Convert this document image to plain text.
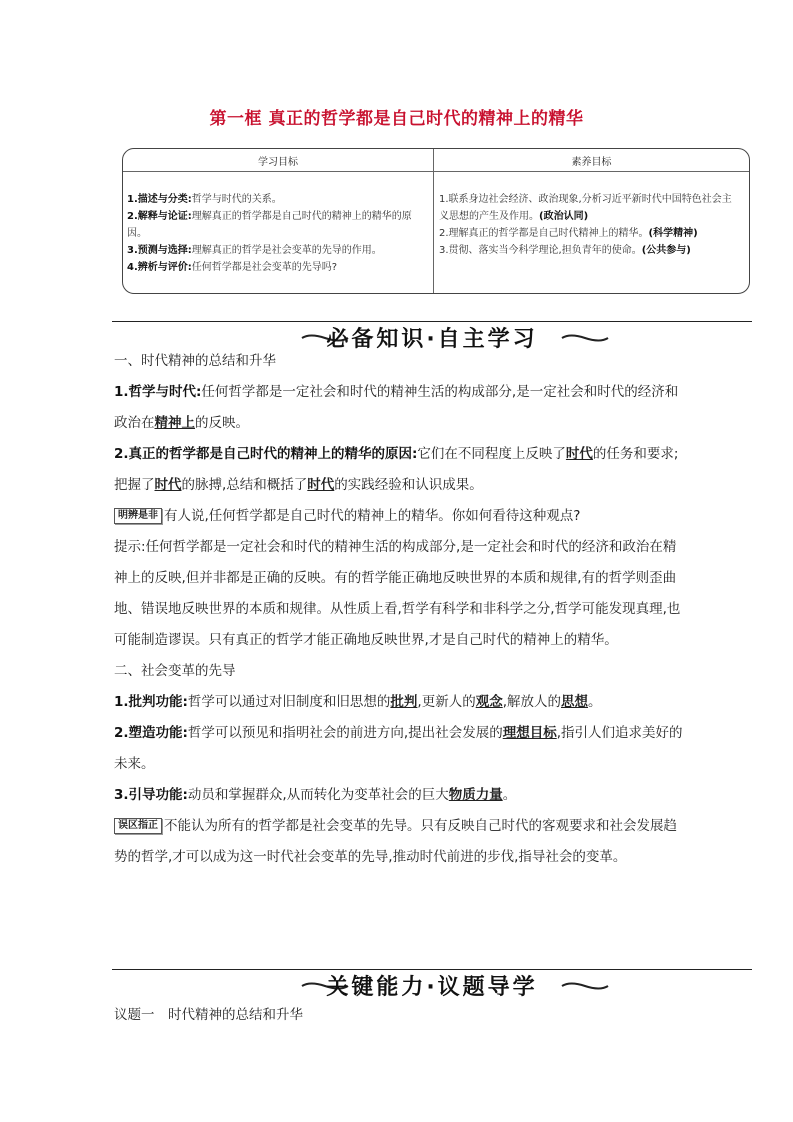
第一框 真正的哲学都是自己时代的精神上的精华
学习目标	素养目标
1.描述与分类:哲学与时代的关系。
2.解释与论证:理解真正的哲学都是自己时代的精神上的精华的原因。
3.预测与选择:理解真正的哲学是社会变革的先导的作用。
4.辨析与评价:任何哲学都是社会变革的先导吗?
1.联系身边社会经济、政治现象,分析习近平新时代中国特色社会主义思想的产生及作用。(政治认同)
2.理解真正的哲学都是自己时代精神上的精华。(科学精神)
3.贯彻、落实当今科学理论,担负青年的使命。(公共参与)
必备知识·自主学习
一、时代精神的总结和升华
1.哲学与时代:任何哲学都是一定社会和时代的精神生活的构成部分,是一定社会和时代的经济和政治在精神上的反映。
2.真正的哲学都是自己时代的精神上的精华的原因:它们在不同程度上反映了时代的任务和要求;把握了时代的脉搏,总结和概括了时代的实践经验和认识成果。
明辨是非 有人说,任何哲学都是自己时代的精神上的精华。你如何看待这种观点?
提示:任何哲学都是一定社会和时代的精神生活的构成部分,是一定社会和时代的经济和政治在精神上的反映,但并非都是正确的反映。有的哲学能正确地反映世界的本质和规律,有的哲学则歪曲地、错误地反映世界的本质和规律。从性质上看,哲学有科学和非科学之分,哲学可能发现真理,也可能制造谬误。只有真正的哲学才能正确地反映世界,才是自己时代的精神上的精华。
二、社会变革的先导
1.批判功能:哲学可以通过对旧制度和旧思想的批判,更新人的观念,解放人的思想。
2.塑造功能:哲学可以预见和指明社会的前进方向,提出社会发展的理想目标,指引人们追求美好的未来。
3.引导功能:动员和掌握群众,从而转化为变革社会的巨大物质力量。
误区指正 不能认为所有的哲学都是社会变革的先导。只有反映自己时代的客观要求和社会发展趋势的哲学,才可以成为这一时代社会变革的先导,推动时代前进的步伐,指导社会的变革。
关键能力·议题导学
议题一　时代精神的总结和升华
